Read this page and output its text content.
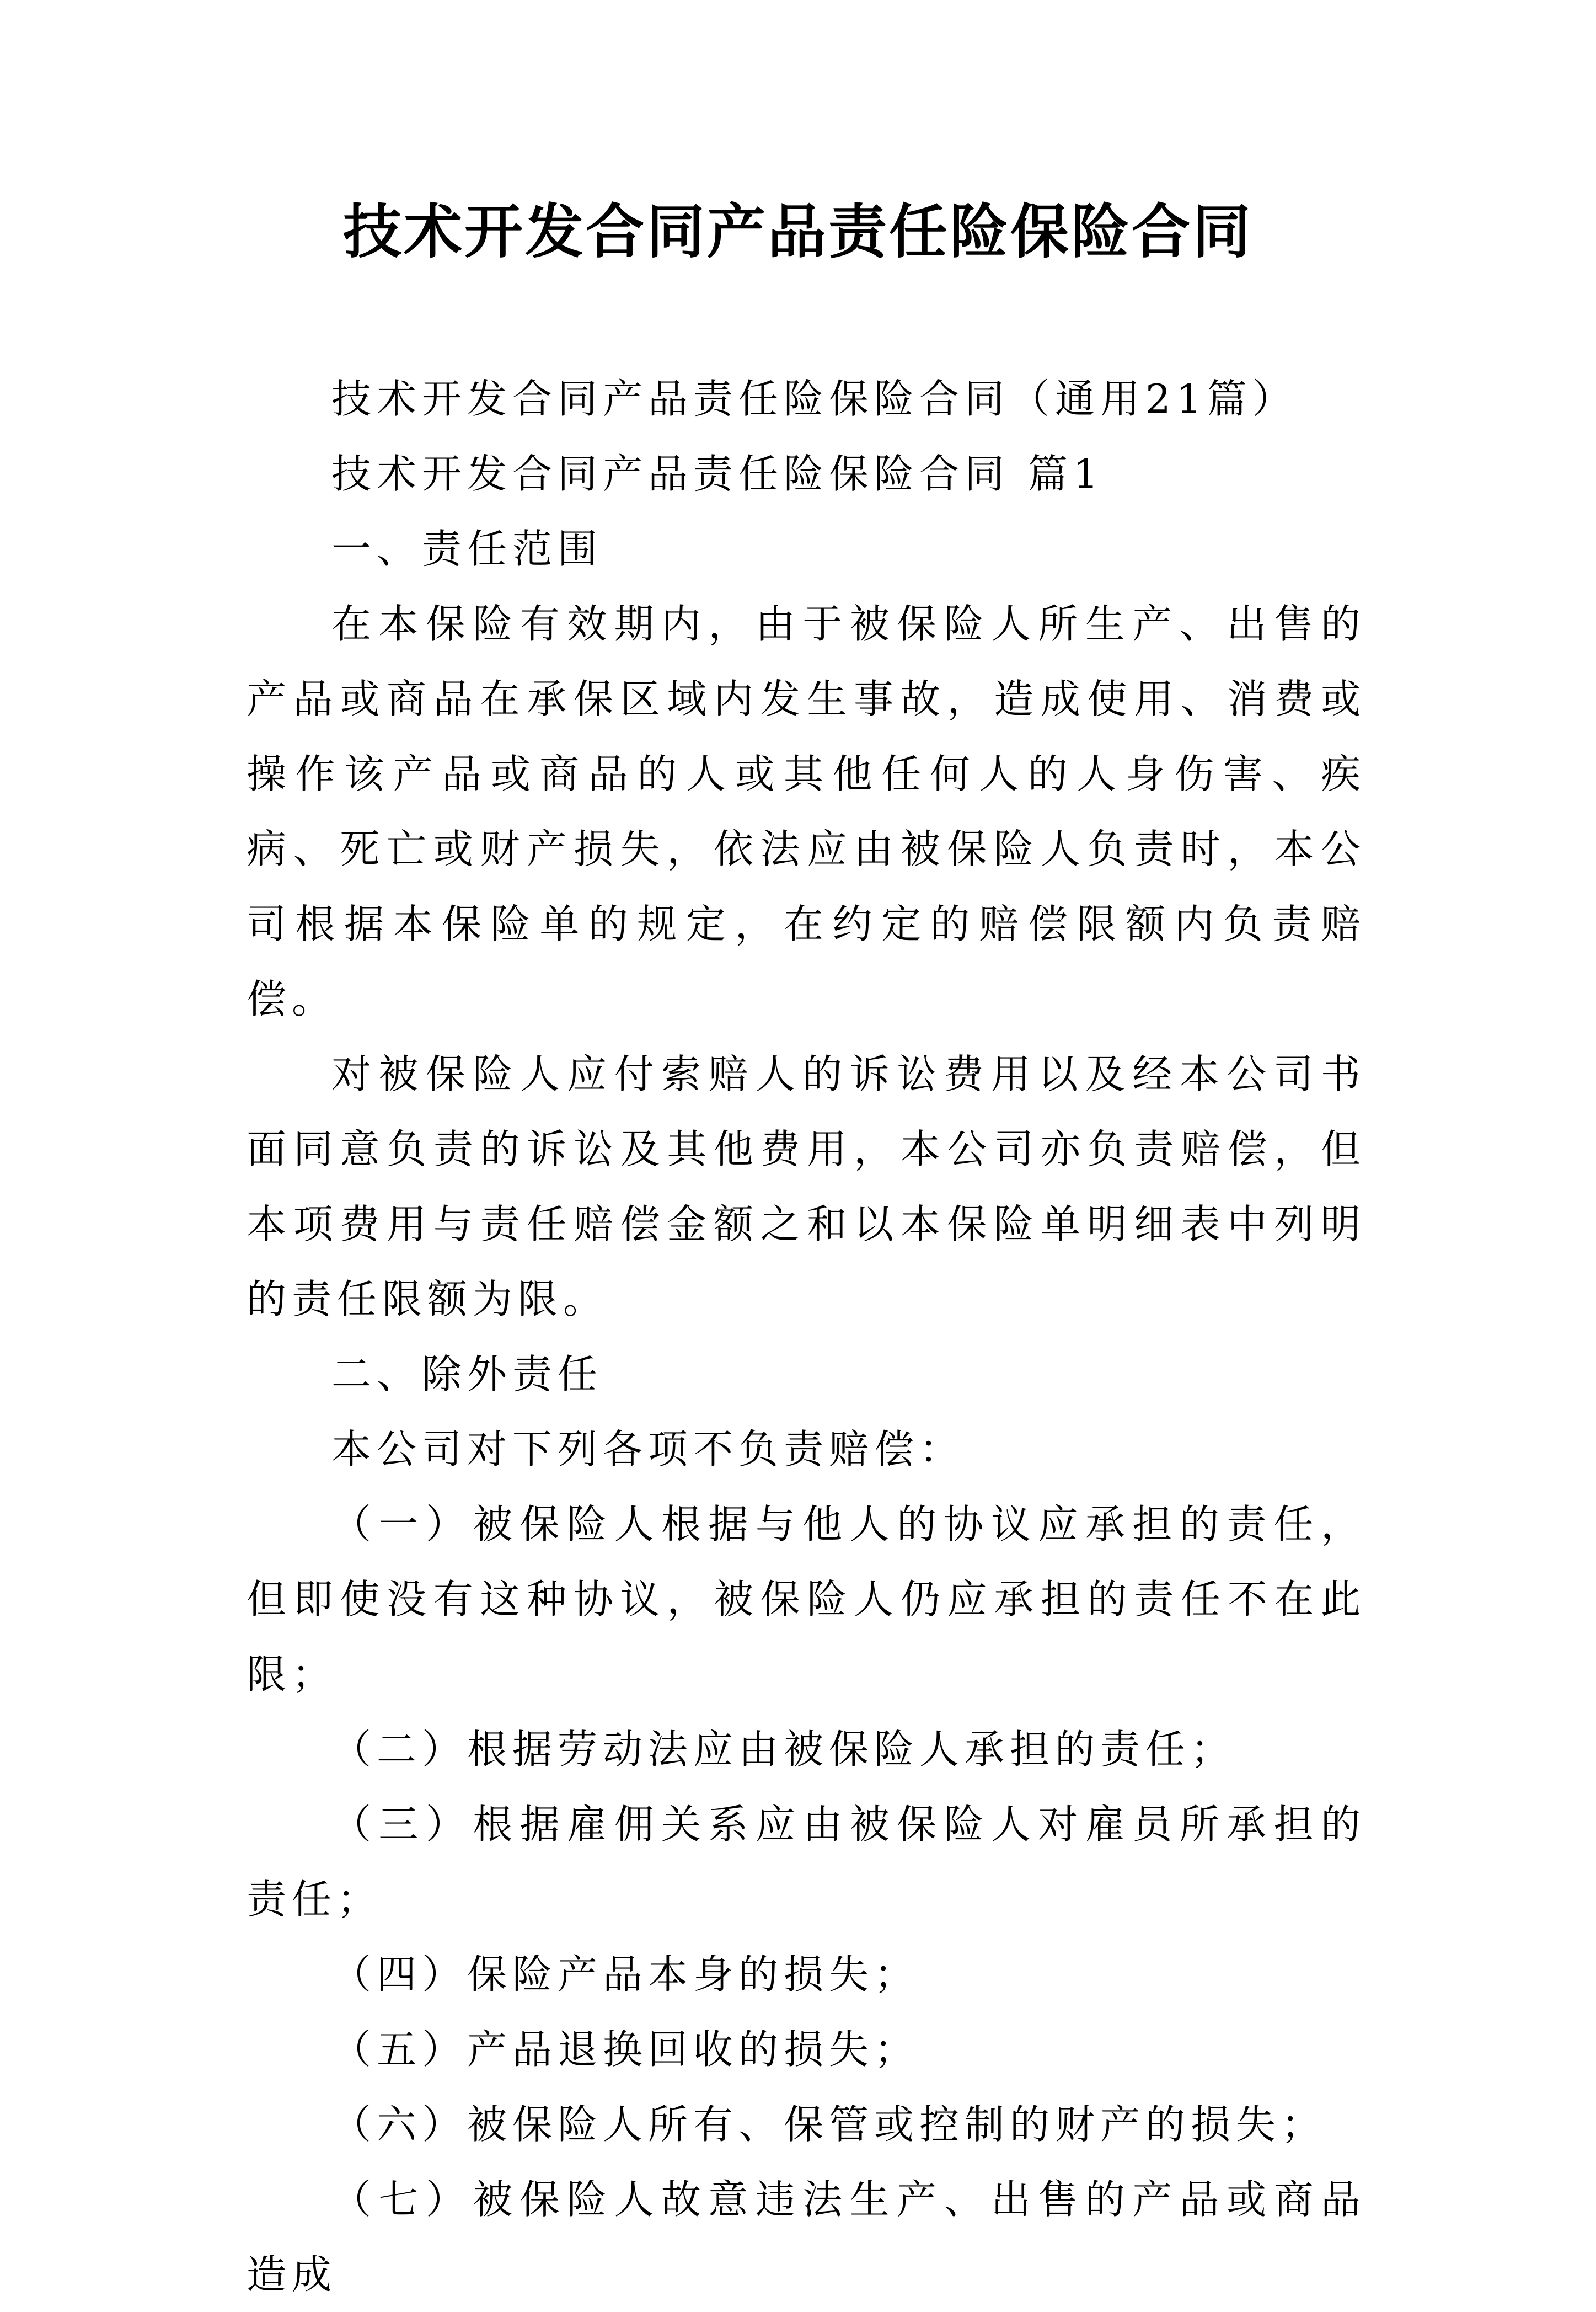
技术开发合同产品责任险保险合同

技术开发合同产品责任险保险合同（通用21篇）

技术开发合同产品责任险保险合同 篇1

一、责任范围

在本保险有效期内，由于被保险人所生产、出售的产品或商品在承保区域内发生事故，造成使用、消费或操作该产品或商品的人或其他任何人的人身伤害、疾病、死亡或财产损失，依法应由被保险人负责时，本公司根据本保险单的规定，在约定的赔偿限额内负责赔偿。

对被保险人应付索赔人的诉讼费用以及经本公司书面同意负责的诉讼及其他费用，本公司亦负责赔偿，但本项费用与责任赔偿金额之和以本保险单明细表中列明的责任限额为限。

二、除外责任

本公司对下列各项不负责赔偿：

（一）被保险人根据与他人的协议应承担的责任，但即使没有这种协议，被保险人仍应承担的责任不在此限；

（二）根据劳动法应由被保险人承担的责任；

（三）根据雇佣关系应由被保险人对雇员所承担的责任；

（四）保险产品本身的损失；

（五）产品退换回收的损失；

（六）被保险人所有、保管或控制的财产的损失；

（七）被保险人故意违法生产、出售的产品或商品造成
